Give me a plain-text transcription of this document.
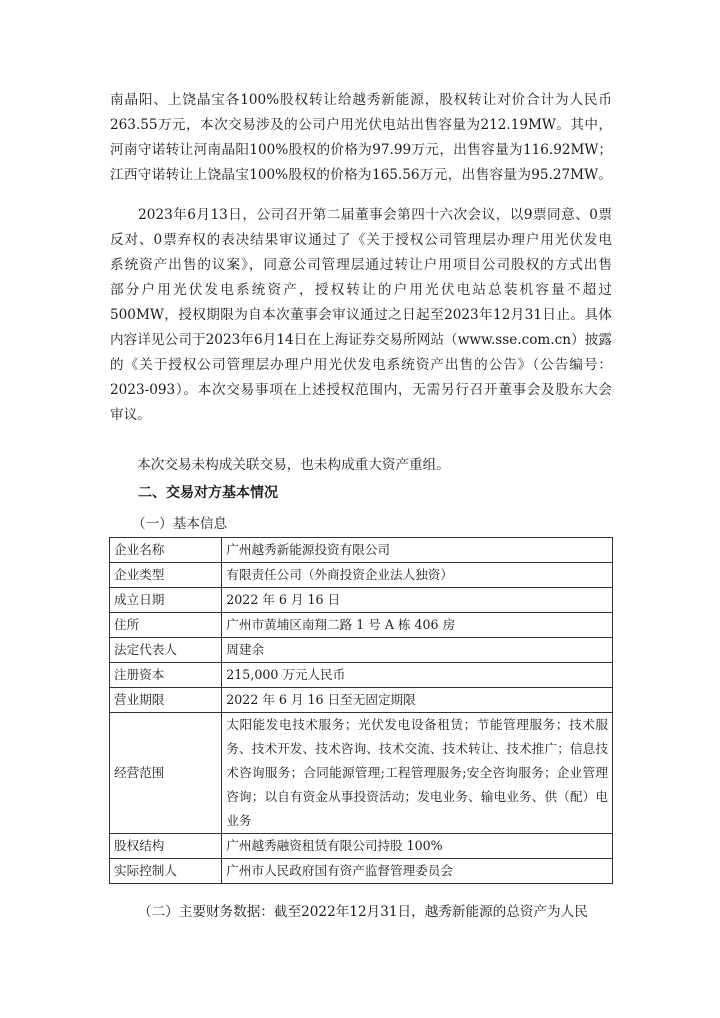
南晶阳、上饶晶宝各100%股权转让给越秀新能源，股权转让对价合计为人民币
263.55万元，本次交易涉及的公司户用光伏电站出售容量为212.19MW。其中，
河南守诺转让河南晶阳100%股权的价格为97.99万元，出售容量为116.92MW；
江西守诺转让上饶晶宝100%股权的价格为165.56万元，出售容量为95.27MW。

　　2023年6月13日，公司召开第二届董事会第四十六次会议，以9票同意、0票
反对、0票弃权的表决结果审议通过了《关于授权公司管理层办理户用光伏发电
系统资产出售的议案》，同意公司管理层通过转让户用项目公司股权的方式出售
部分户用光伏发电系统资产，授权转让的户用光伏电站总装机容量不超过
500MW，授权期限为自本次董事会审议通过之日起至2023年12月31日止。具体
内容详见公司于2023年6月14日在上海证券交易所网站（www.sse.com.cn）披露
的《关于授权公司管理层办理户用光伏发电系统资产出售的公告》（公告编号：
2023-093）。本次交易事项在上述授权范围内，无需另行召开董事会及股东大会
审议。

　　本次交易未构成关联交易，也未构成重大资产重组。

二、交易对方基本情况

（一）基本信息

企业名称	广州越秀新能源投资有限公司
企业类型	有限责任公司（外商投资企业法人独资）
成立日期	2022 年 6 月 16 日
住所	广州市黄埔区南翔二路 1 号 A 栋 406 房
法定代表人	周建余
注册资本	215,000 万元人民币
营业期限	2022 年 6 月 16 日至无固定期限
经营范围	太阳能发电技术服务；光伏发电设备租赁；节能管理服务；技术服
务、技术开发、技术咨询、技术交流、技术转让、技术推广；信息技
术咨询服务；合同能源管理;工程管理服务;安全咨询服务；企业管理
咨询；以自有资金从事投资活动；发电业务、输电业务、供（配）电
业务

股权结构	广州越秀融资租赁有限公司持股 100%
实际控制人	广州市人民政府国有资产监督管理委员会

（二）主要财务数据：截至2022年12月31日，越秀新能源的总资产为人民
